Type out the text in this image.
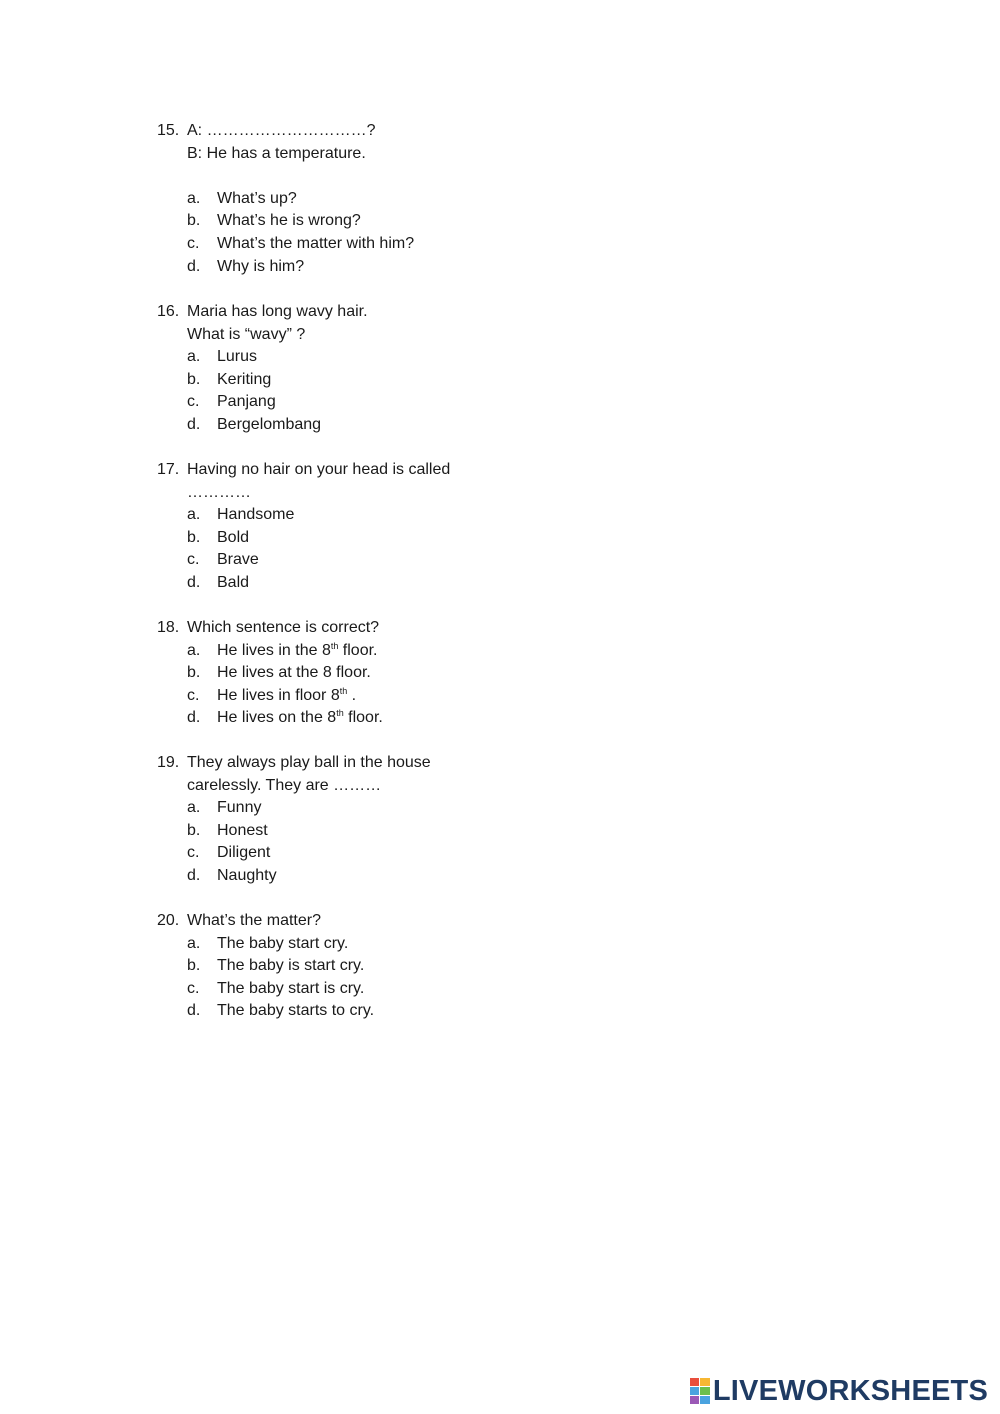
15. A: …………………………?
B: He has a temperature.
a.	What’s up?
b.	What’s he is wrong?
c.	What’s the matter with him?
d.	Why is him?
16. Maria has long wavy hair.
What is “wavy” ?
a.	Lurus
b.	Keriting
c.	Panjang
d.	Bergelombang
17. Having no hair on your head is called
…………
a.	Handsome
b.	Bold
c.	Brave
d.	Bald
18. Which sentence is correct?
a.	He lives in the 8th floor.
b.	He lives at the 8 floor.
c.	He lives in floor 8th .
d.	He lives on the 8th floor.
19. They always play ball in the house
carelessly. They are ………
a.	Funny
b.	Honest
c.	Diligent
d.	Naughty
20. What’s the matter?
a.	The baby start cry.
b.	The baby is start cry.
c.	The baby start is cry.
d.	The baby starts to cry.
LIVEWORKSHEETS
